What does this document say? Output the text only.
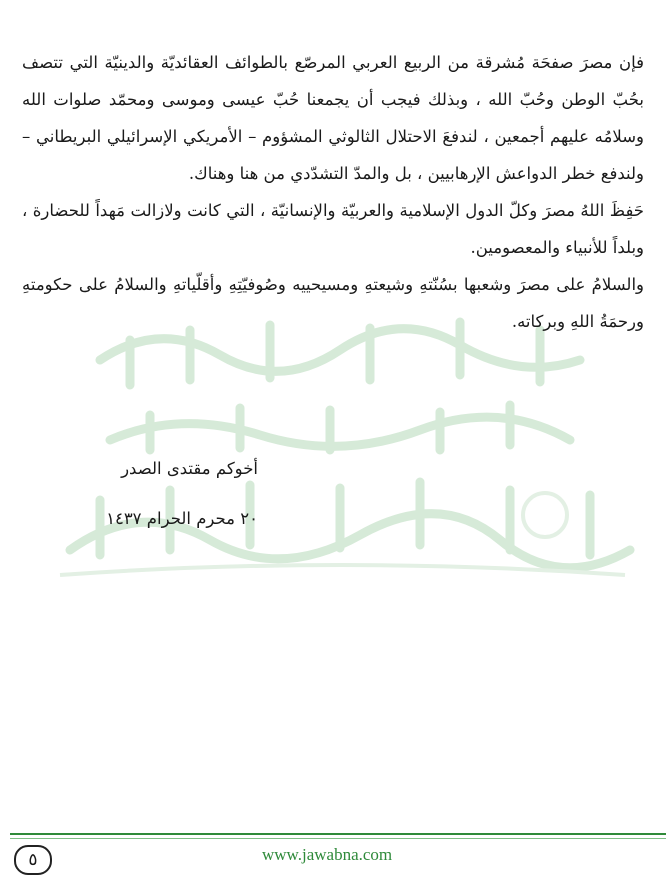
فإن مصرَ صفحَة مُشرقة من الربيع العربي المرصّع بالطوائف العقائديّة والدينيّة التي تتصف بحُبّ الوطن وحُبّ الله ، وبذلك فيجب أن يجمعنا حُبّ عيسى وموسى ومحمّد صلوات الله وسلامُه عليهم أجمعين ، لندفعَ الاحتلال الثالوثي المشؤوم – الأمريكي الإسرائيلي البريطاني – ولندفع خطر الدواعش الإرهابيين ، بل والمدّ التشدّدي من هنا وهناك.

حَفِظَ اللهُ مصرَ وكلّ الدول الإسلامية والعربيّة والإنسانيّة ، التي كانت ولازالت مَهداً للحضارة ، وبلداً للأنبياء والمعصومين.

والسلامُ على مصرَ وشعبها بسُنّتهِ وشيعتهِ ومسيحييه وصُوفيّتِهِ وأقلّياتهِ والسلامُ على حكومتهِ ورحمَةُ اللهِ وبركاته.

أخوكم مقتدى الصدر
٢٠ محرم الحرام ١٤٣٧
٥	www.jawabna.com
